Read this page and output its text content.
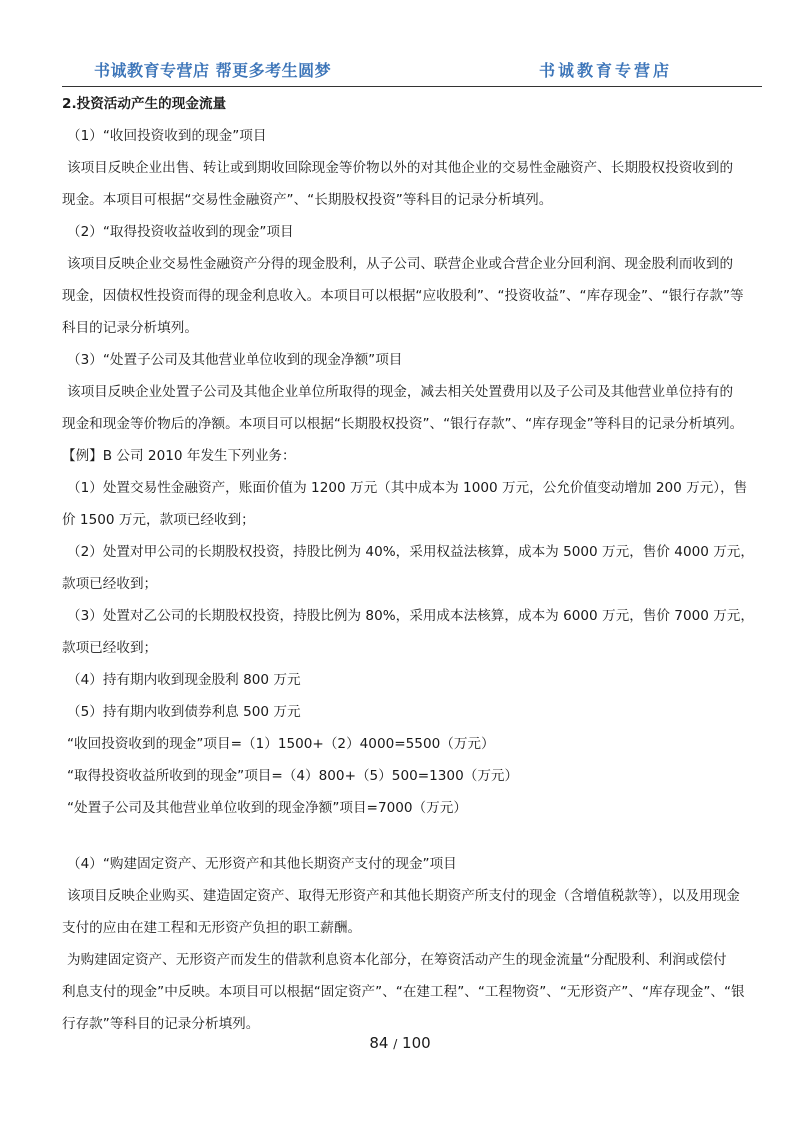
书诚教育专营店 帮更多考生圆梦	书诚教育专营店
2.投资活动产生的现金流量
（1）“收回投资收到的现金”项目
该项目反映企业出售、转让或到期收回除现金等价物以外的对其他企业的交易性金融资产、长期股权投资收到的
现金。本项目可根据“交易性金融资产”、“长期股权投资”等科目的记录分析填列。
（2）“取得投资收益收到的现金”项目
该项目反映企业交易性金融资产分得的现金股利，从子公司、联营企业或合营企业分回利润、现金股利而收到的
现金，因债权性投资而得的现金利息收入。本项目可以根据“应收股利”、“投资收益”、“库存现金”、“银行存款”等
科目的记录分析填列。
（3）“处置子公司及其他营业单位收到的现金净额”项目
该项目反映企业处置子公司及其他企业单位所取得的现金，减去相关处置费用以及子公司及其他营业单位持有的
现金和现金等价物后的净额。本项目可以根据“长期股权投资”、“银行存款”、“库存现金”等科目的记录分析填列。
【例】B 公司 2010 年发生下列业务：
（1）处置交易性金融资产，账面价值为 1200 万元（其中成本为 1000 万元，公允价值变动增加 200 万元），售
价 1500 万元，款项已经收到；
（2）处置对甲公司的长期股权投资，持股比例为 40%，采用权益法核算，成本为 5000 万元，售价 4000 万元，
款项已经收到；
（3）处置对乙公司的长期股权投资，持股比例为 80%，采用成本法核算，成本为 6000 万元，售价 7000 万元，
款项已经收到；
（4）持有期内收到现金股利 800 万元
（5）持有期内收到债券利息 500 万元
“收回投资收到的现金”项目=（1）1500+（2）4000=5500（万元）
“取得投资收益所收到的现金”项目=（4）800+（5）500=1300（万元）
“处置子公司及其他营业单位收到的现金净额”项目=7000（万元）
（4）“购建固定资产、无形资产和其他长期资产支付的现金”项目
该项目反映企业购买、建造固定资产、取得无形资产和其他长期资产所支付的现金（含增值税款等），以及用现金
支付的应由在建工程和无形资产负担的职工薪酬。
为购建固定资产、无形资产而发生的借款利息资本化部分，在筹资活动产生的现金流量“分配股利、利润或偿付
利息支付的现金”中反映。本项目可以根据“固定资产”、“在建工程”、“工程物资”、“无形资产”、“库存现金”、“银
行存款”等科目的记录分析填列。
84 / 100
